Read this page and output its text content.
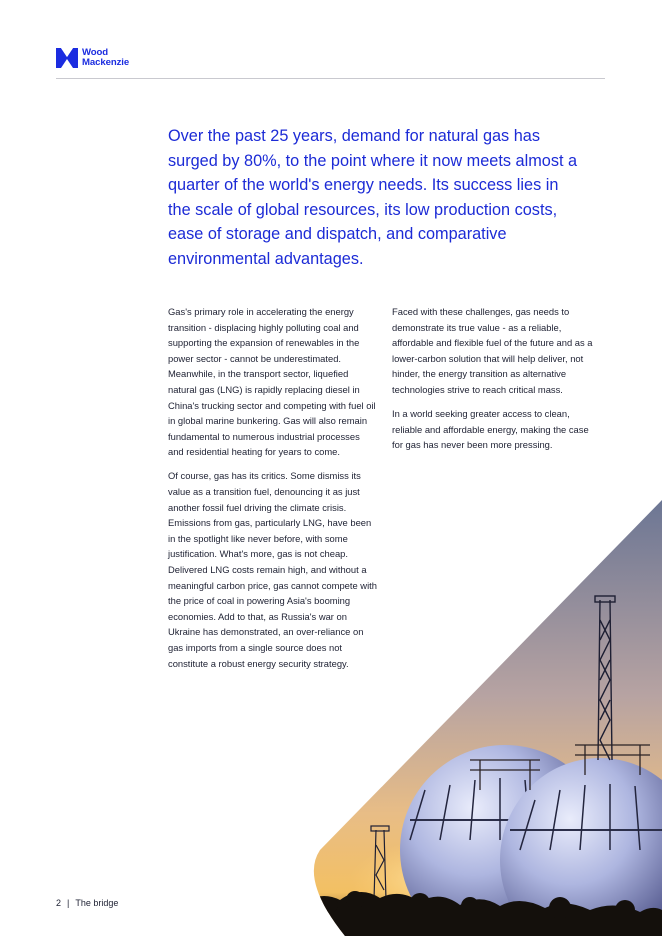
Wood
Mackenzie
Over the past 25 years, demand for natural gas has surged by 80%, to the point where it now meets almost a quarter of the world's energy needs. Its success lies in the scale of global resources, its low production costs, ease of storage and dispatch, and comparative environmental advantages.

Gas's primary role in accelerating the energy transition - displacing highly polluting coal and supporting the expansion of renewables in the power sector - cannot be underestimated. Meanwhile, in the transport sector, liquefied natural gas (LNG) is rapidly replacing diesel in China's trucking sector and competing with fuel oil in global marine bunkering. Gas will also remain fundamental to numerous industrial processes and residential heating for years to come.

Of course, gas has its critics. Some dismiss its value as a transition fuel, denouncing it as just another fossil fuel driving the climate crisis. Emissions from gas, particularly LNG, have been in the spotlight like never before, with some justification. What's more, gas is not cheap. Delivered LNG costs remain high, and without a meaningful carbon price, gas cannot compete with the price of coal in powering Asia's booming economies. Add to that, as Russia's war on Ukraine has demonstrated, an over-reliance on gas imports from a single source does not constitute a robust energy security strategy.

Faced with these challenges, gas needs to demonstrate its true value - as a reliable, affordable and flexible fuel of the future and as a lower-carbon solution that will help deliver, not hinder, the energy transition as alternative technologies strive to reach critical mass.

In a world seeking greater access to clean, reliable and affordable energy, making the case for gas has never been more pressing.

2 | The bridge
